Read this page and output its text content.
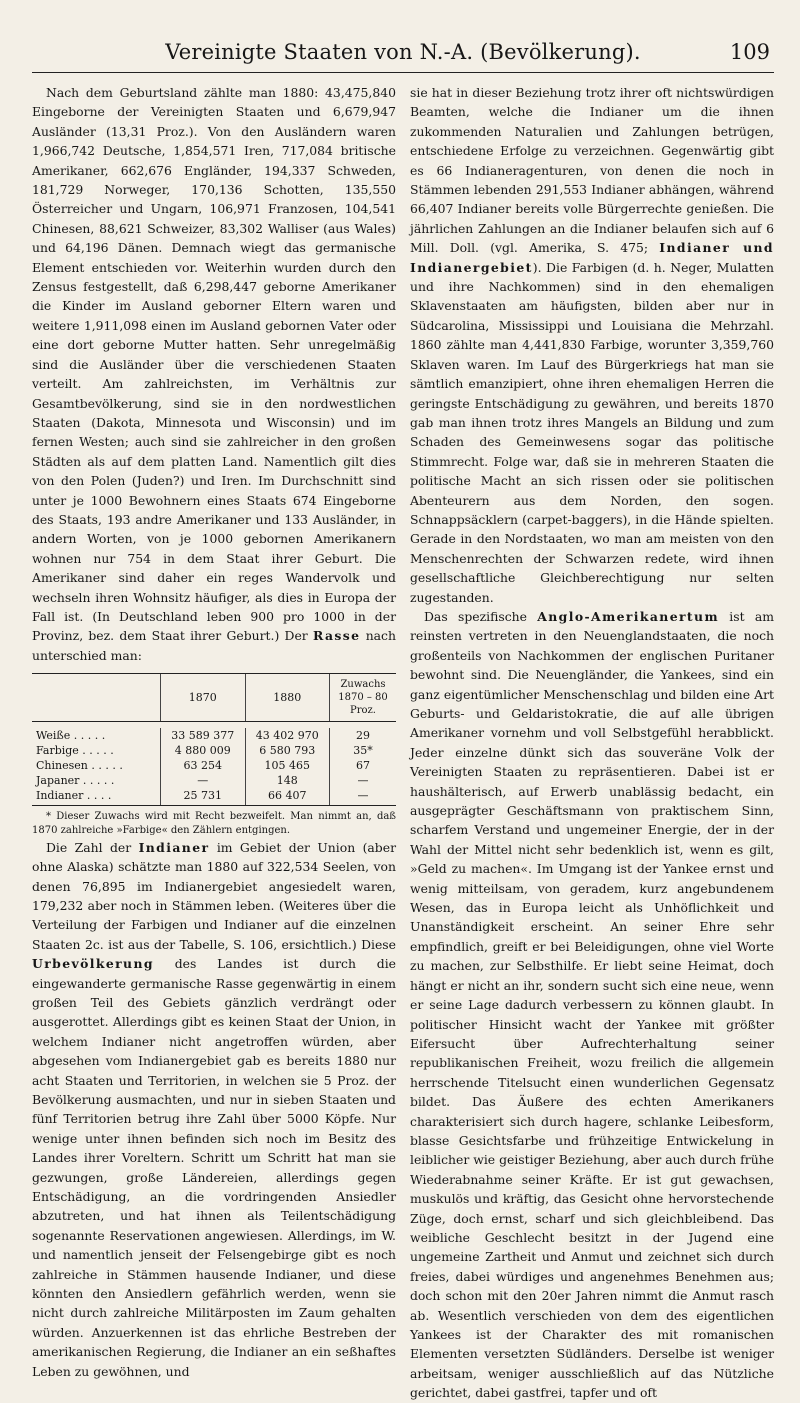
Vereinigte Staaten von N.-A. (Bevölkerung).	109

Nach dem Geburtsland zählte man 1880: 43,475,840 Eingeborne der Vereinigten Staaten und 6,679,947 Ausländer (13,31 Proz.). Von den Ausländern waren 1,966,742 Deutsche, 1,854,571 Iren, 717,084 britische Amerikaner, 662,676 Engländer, 194,337 Schweden, 181,729 Norweger, 170,136 Schotten, 135,550 Österreicher und Ungarn, 106,971 Franzosen, 104,541 Chinesen, 88,621 Schweizer, 83,302 Walliser (aus Wales) und 64,196 Dänen. Demnach wiegt das germanische Element entschieden vor. Weiterhin wurden durch den Zensus festgestellt, daß 6,298,447 geborne Amerikaner die Kinder im Ausland geborner Eltern waren und weitere 1,911,098 einen im Ausland gebornen Vater oder eine dort geborne Mutter hatten. Sehr unregelmäßig sind die Ausländer über die verschiedenen Staaten verteilt. Am zahlreichsten, im Verhältnis zur Gesamtbevölkerung, sind sie in den nordwestlichen Staaten (Dakota, Minnesota und Wisconsin) und im fernen Westen; auch sind sie zahlreicher in den großen Städten als auf dem platten Land. Namentlich gilt dies von den Polen (Juden?) und Iren. Im Durchschnitt sind unter je 1000 Bewohnern eines Staats 674 Eingeborne des Staats, 193 andre Amerikaner und 133 Ausländer, in andern Worten, von je 1000 gebornen Amerikanern wohnen nur 754 in dem Staat ihrer Geburt. Die Amerikaner sind daher ein reges Wandervolk und wechseln ihren Wohnsitz häufiger, als dies in Europa der Fall ist. (In Deutschland leben 900 pro 1000 in der Provinz, bez. dem Staat ihrer Geburt.) Der Rasse nach unterschied man:

	1870	1880	Zuwachs 1870 – 80 Proz.

Weiße . . . . .	33 589 377	43 402 970	29
Farbige . . . . .	4 880 009	6 580 793	35*
Chinesen . . . . .	63 254	105 465	67
Japaner . . . . .	—	148	—
Indianer . . . .	25 731	66 407	—

* Dieser Zuwachs wird mit Recht bezweifelt. Man nimmt an, daß 1870 zahlreiche »Farbige« den Zählern entgingen.

Die Zahl der Indianer im Gebiet der Union (aber ohne Alaska) schätzte man 1880 auf 322,534 Seelen, von denen 76,895 im Indianergebiet angesiedelt waren, 179,232 aber noch in Stämmen leben. (Weiteres über die Verteilung der Farbigen und Indianer auf die einzelnen Staaten 2c. ist aus der Tabelle, S. 106, ersichtlich.) Diese Urbevölkerung des Landes ist durch die eingewanderte germanische Rasse gegenwärtig in einem großen Teil des Gebiets gänzlich verdrängt oder ausgerottet. Allerdings gibt es keinen Staat der Union, in welchem Indianer nicht angetroffen würden, aber abgesehen vom Indianergebiet gab es bereits 1880 nur acht Staaten und Territorien, in welchen sie 5 Proz. der Bevölkerung ausmachten, und nur in sieben Staaten und fünf Territorien betrug ihre Zahl über 5000 Köpfe. Nur wenige unter ihnen befinden sich noch im Besitz des Landes ihrer Voreltern. Schritt um Schritt hat man sie gezwungen, große Ländereien, allerdings gegen Entschädigung, an die vordringenden Ansiedler abzutreten, und hat ihnen als Teilentschädigung sogenannte Reservationen angewiesen. Allerdings, im W. und namentlich jenseit der Felsengebirge gibt es noch zahlreiche in Stämmen hausende Indianer, und diese könnten den Ansiedlern gefährlich werden, wenn sie nicht durch zahlreiche Militärposten im Zaum gehalten würden. Anzuerkennen ist das ehrliche Bestreben der amerikanischen Regierung, die Indianer an ein seßhaftes Leben zu gewöhnen, und

sie hat in dieser Beziehung trotz ihrer oft nichtswürdigen Beamten, welche die Indianer um die ihnen zukommenden Naturalien und Zahlungen betrügen, entschiedene Erfolge zu verzeichnen. Gegenwärtig gibt es 66 Indianeragenturen, von denen die noch in Stämmen lebenden 291,553 Indianer abhängen, während 66,407 Indianer bereits volle Bürgerrechte genießen. Die jährlichen Zahlungen an die Indianer belaufen sich auf 6 Mill. Doll. (vgl. Amerika, S. 475; Indianer und Indianergebiet). Die Farbigen (d. h. Neger, Mulatten und ihre Nachkommen) sind in den ehemaligen Sklavenstaaten am häufigsten, bilden aber nur in Südcarolina, Mississippi und Louisiana die Mehrzahl. 1860 zählte man 4,441,830 Farbige, worunter 3,359,760 Sklaven waren. Im Lauf des Bürgerkriegs hat man sie sämtlich emanzipiert, ohne ihren ehemaligen Herren die geringste Entschädigung zu gewähren, und bereits 1870 gab man ihnen trotz ihres Mangels an Bildung und zum Schaden des Gemeinwesens sogar das politische Stimmrecht. Folge war, daß sie in mehreren Staaten die politische Macht an sich rissen oder sie politischen Abenteurern aus dem Norden, den sogen. Schnappsäcklern (carpet-baggers), in die Hände spielten. Gerade in den Nordstaaten, wo man am meisten von den Menschenrechten der Schwarzen redete, wird ihnen gesellschaftliche Gleichberechtigung nur selten zugestanden.

Das spezifische Anglo-Amerikanertum ist am reinsten vertreten in den Neuenglandstaaten, die noch großenteils von Nachkommen der englischen Puritaner bewohnt sind. Die Neuengländer, die Yankees, sind ein ganz eigentümlicher Menschenschlag und bilden eine Art Geburts- und Geldaristokratie, die auf alle übrigen Amerikaner vornehm und voll Selbstgefühl herabblickt. Jeder einzelne dünkt sich das souveräne Volk der Vereinigten Staaten zu repräsentieren. Dabei ist er haushälterisch, auf Erwerb unablässig bedacht, ein ausgeprägter Geschäftsmann von praktischem Sinn, scharfem Verstand und ungemeiner Energie, der in der Wahl der Mittel nicht sehr bedenklich ist, wenn es gilt, »Geld zu machen«. Im Umgang ist der Yankee ernst und wenig mitteilsam, von geradem, kurz angebundenem Wesen, das in Europa leicht als Unhöflichkeit und Unanständigkeit erscheint. An seiner Ehre sehr empfindlich, greift er bei Beleidigungen, ohne viel Worte zu machen, zur Selbsthilfe. Er liebt seine Heimat, doch hängt er nicht an ihr, sondern sucht sich eine neue, wenn er seine Lage dadurch verbessern zu können glaubt. In politischer Hinsicht wacht der Yankee mit größter Eifersucht über Aufrechterhaltung seiner republikanischen Freiheit, wozu freilich die allgemein herrschende Titelsucht einen wunderlichen Gegensatz bildet. Das Äußere des echten Amerikaners charakterisiert sich durch hagere, schlanke Leibesform, blasse Gesichtsfarbe und frühzeitige Entwickelung in leiblicher wie geistiger Beziehung, aber auch durch frühe Wiederabnahme seiner Kräfte. Er ist gut gewachsen, muskulös und kräftig, das Gesicht ohne hervorstechende Züge, doch ernst, scharf und sich gleichbleibend. Das weibliche Geschlecht besitzt in der Jugend eine ungemeine Zartheit und Anmut und zeichnet sich durch freies, dabei würdiges und angenehmes Benehmen aus; doch schon mit den 20er Jahren nimmt die Anmut rasch ab. Wesentlich verschieden von dem des eigentlichen Yankees ist der Charakter des mit romanischen Elementen versetzten Südländers. Derselbe ist weniger arbeitsam, weniger ausschließlich auf das Nützliche gerichtet, dabei gastfrei, tapfer und oft
